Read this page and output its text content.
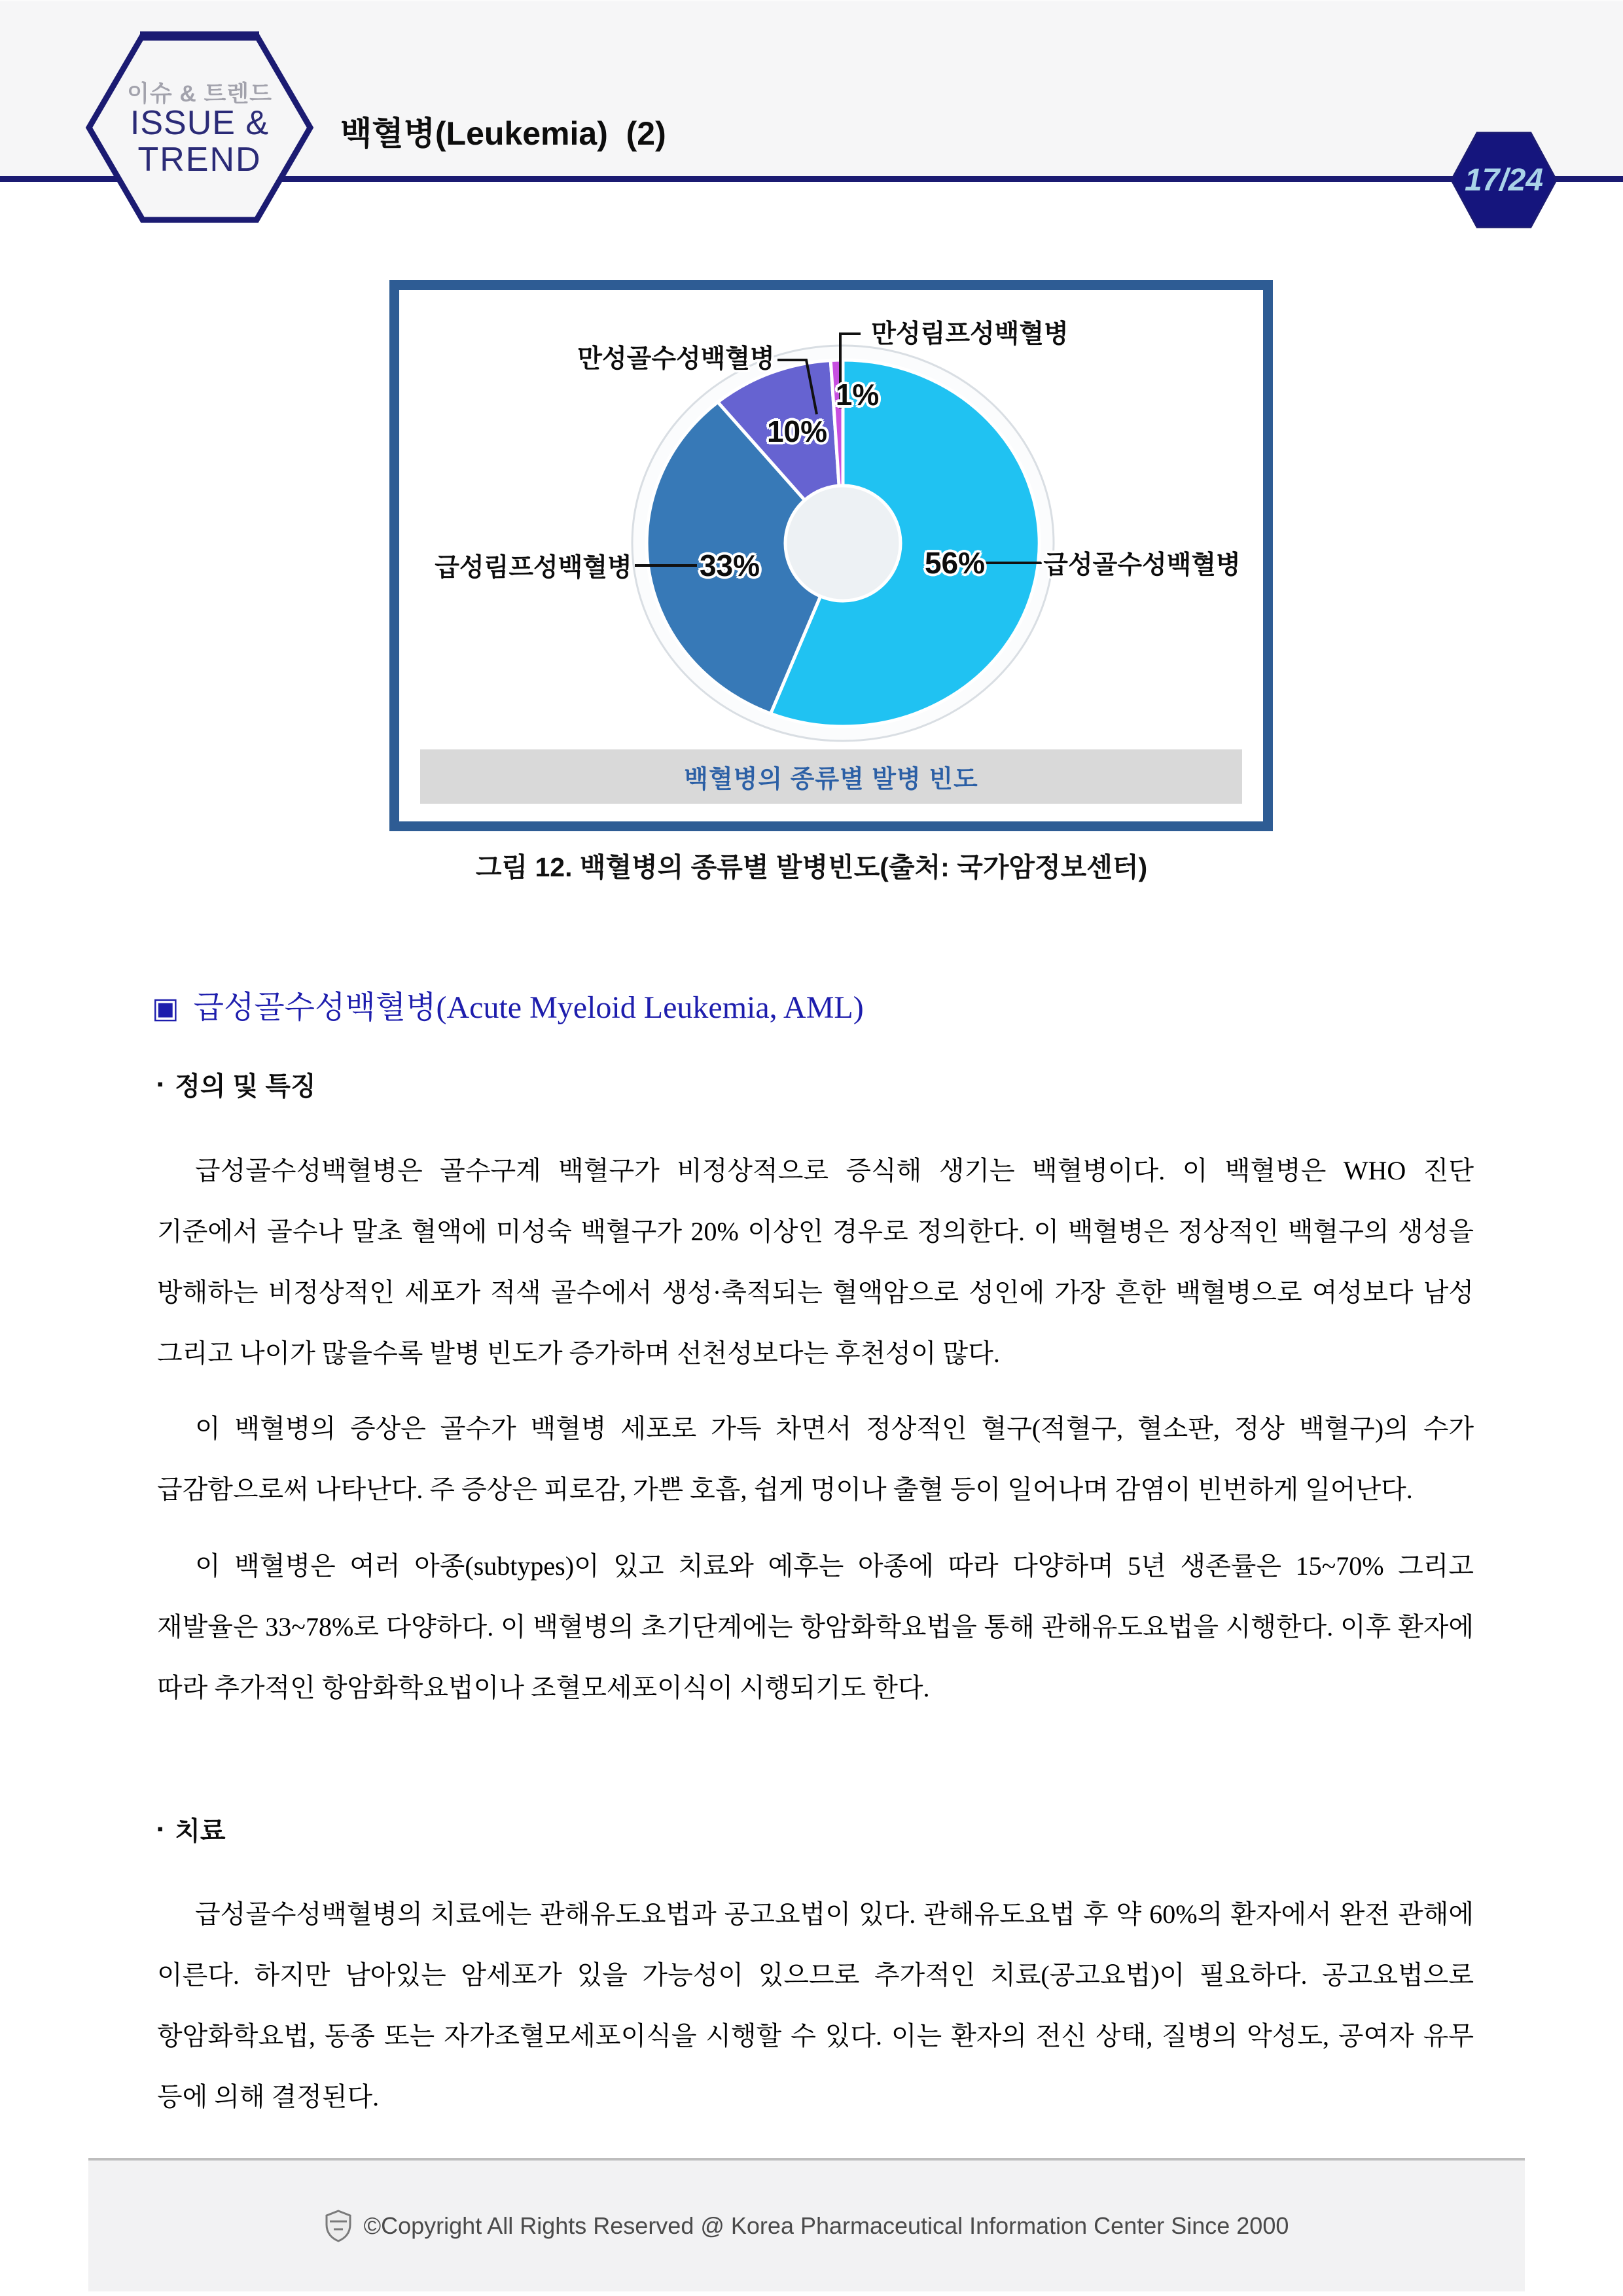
이슈 & 트렌드
ISSUE &
TREND
백혈병(Leukemia)  (2)
17/24
만성골수성백혈병
만성림프성백혈병
급성림프성백혈병	급성골수성백혈병
10%
1%
33%	56%
백혈병의 종류별 발병 빈도
그림 12. 백혈병의 종류별 발병빈도(출처: 국가암정보센터)
▣ 급성골수성백혈병(Acute Myeloid Leukemia, AML)
▪ 정의 및 특징
급성골수성백혈병은 골수구계 백혈구가 비정상적으로 증식해 생기는 백혈병이다. 이 백혈병은 WHO 진단 기준에서 골수나 말초 혈액에 미성숙 백혈구가 20% 이상인 경우로 정의한다. 이 백혈병은 정상적인 백혈구의 생성을 방해하는 비정상적인 세포가 적색 골수에서 생성·축적되는 혈액암으로 성인에 가장 흔한 백혈병으로 여성보다 남성 그리고 나이가 많을수록 발병 빈도가 증가하며 선천성보다는 후천성이 많다.
이 백혈병의 증상은 골수가 백혈병 세포로 가득 차면서 정상적인 혈구(적혈구, 혈소판, 정상 백혈구)의 수가 급감함으로써 나타난다. 주 증상은 피로감, 가쁜 호흡, 쉽게 멍이나 출혈 등이 일어나며 감염이 빈번하게 일어난다.
이 백혈병은 여러 아종(subtypes)이 있고 치료와 예후는 아종에 따라 다양하며 5년 생존률은 15~70% 그리고 재발율은 33~78%로 다양하다. 이 백혈병의 초기단계에는 항암화학요법을 통해 관해유도요법을 시행한다. 이후 환자에 따라 추가적인 항암화학요법이나 조혈모세포이식이 시행되기도 한다.
▪ 치료
급성골수성백혈병의 치료에는 관해유도요법과 공고요법이 있다. 관해유도요법 후 약 60%의 환자에서 완전 관해에 이른다. 하지만 남아있는 암세포가 있을 가능성이 있으므로 추가적인 치료(공고요법)이 필요하다. 공고요법으로 항암화학요법, 동종 또는 자가조혈모세포이식을 시행할 수 있다. 이는 환자의 전신 상태, 질병의 악성도, 공여자 유무 등에 의해 결정된다.
©Copyright All Rights Reserved @ Korea Pharmaceutical Information Center Since 2000
